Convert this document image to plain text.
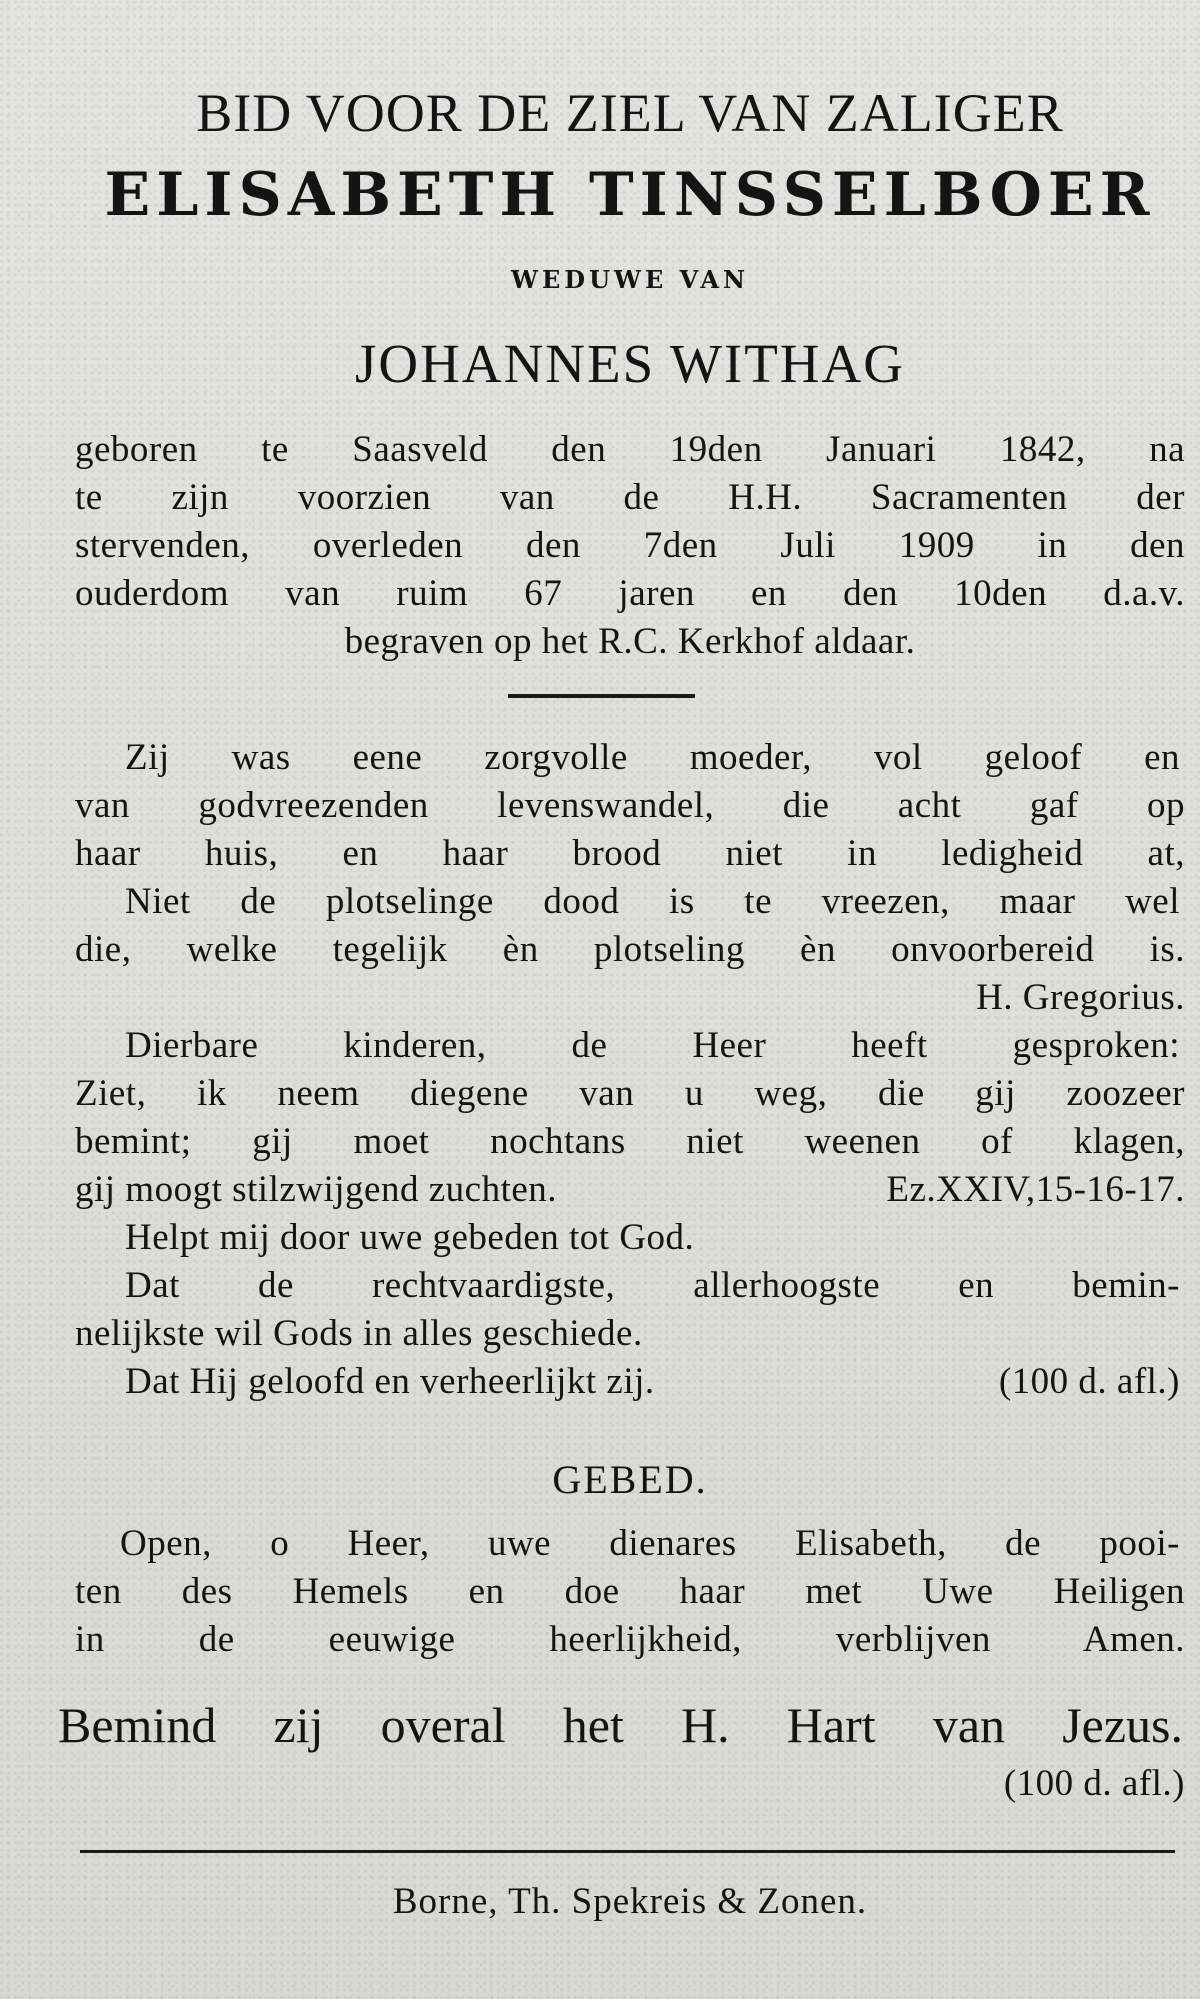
BID VOOR DE ZIEL VAN ZALIGER
ELISABETH TINSSELBOER
WEDUWE VAN
JOHANNES WITHAG
geboren te Saasveld den 19den Januari 1842, na
te zijn voorzien van de H.H. Sacramenten der
stervenden, overleden den 7den Juli 1909 in den
ouderdom van ruim 67 jaren en den 10den d.a.v.
begraven op het R.C. Kerkhof aldaar.
Zij was eene zorgvolle moeder, vol geloof en
van godvreezenden levenswandel, die acht gaf op
haar huis, en haar brood niet in ledigheid at,
Niet de plotselinge dood is te vreezen, maar wel
die, welke tegelijk èn plotseling èn onvoorbereid is.
H. Gregorius.
Dierbare kinderen, de Heer heeft gesproken:
Ziet, ik neem diegene van u weg, die gij zoozeer
bemint; gij moet nochtans niet weenen of klagen,
gij moogt stilzwijgend zuchten.	Ez.XXIV,15-16-17.
Helpt mij door uwe gebeden tot God.
Dat de rechtvaardigste, allerhoogste en bemin-
nelijkste wil Gods in alles geschiede.
Dat Hij geloofd en verheerlijkt zij.	(100 d. afl.)
GEBED.
Open, o Heer, uwe dienares Elisabeth, de pooi-
ten des Hemels en doe haar met Uwe Heiligen
in de eeuwige heerlijkheid, verblijven Amen.
Bemind zij overal het H. Hart van Jezus.
(100 d. afl.)
Borne, Th. Spekreis & Zonen.
